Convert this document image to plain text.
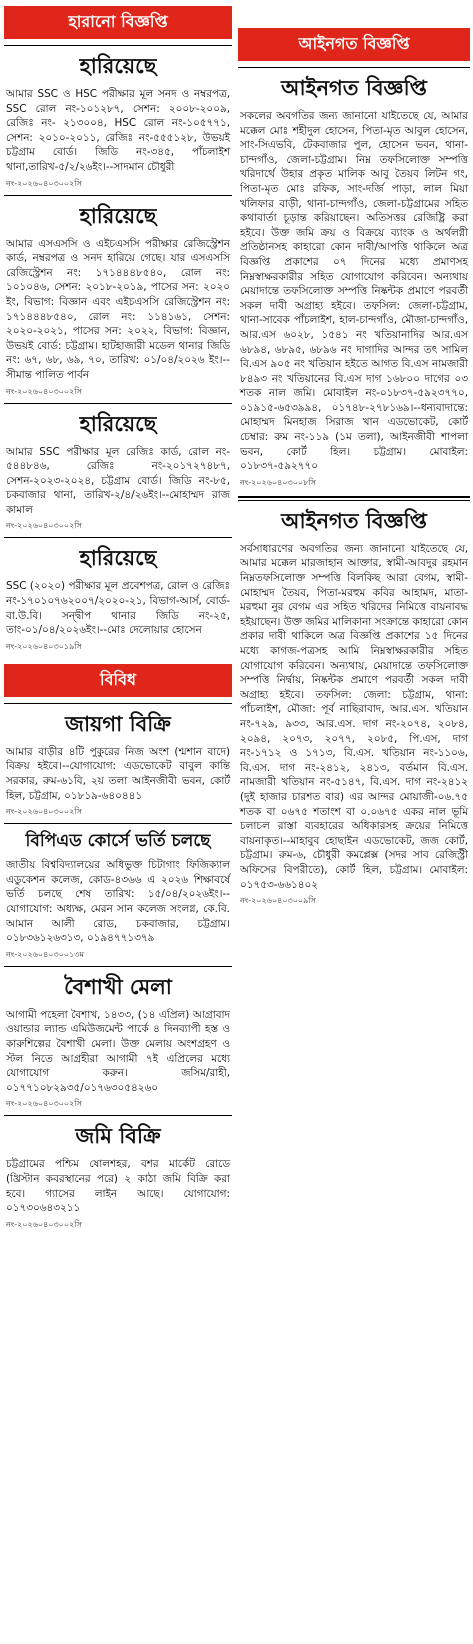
হারানো বিজ্ঞপ্তি
হারিয়েছে

আমার SSC ও HSC পরীক্ষার মূল সনদ ও নম্বরপত্র, SSC রোল নং-১০১২৮৭, সেশন: ২০০৮-২০০৯, রেজিঃ নং- ২১৩০০৪, HSC রোল নং-১০৫৭৭১, সেশন: ২০১০-২০১১, রেজিঃ নং-৫৫৫১২৮, উভয়ই চট্টগ্রাম বোর্ড। জিডি নং-৩৪৫, পাঁচলাইশ থানা,তারিখ-৫/২/২৬ইং।--সাদমান চৌধুরী

নং-২০২৬০৪০৩০০২সি
হারিয়েছে

আমার এসএসসি ও এইচএসসি পরীক্ষার রেজিস্ট্রেশন কার্ড, নম্বরপত্র ও সনদ হারিয়ে গেছে। যার এসএসসি রেজিস্ট্রেশন নং: ১৭১৪৪৪৮৫৪০, রোল নং: ১০১০৪৬, সেশন: ২০১৮-২০১৯, পাসের সন: ২০২০ ইং, বিভাগ: বিজ্ঞান এবং এইচএসসি রেজিস্ট্রেশন নং: ১৭১৪৪৪৮৫৪০, রোল নং: ১১৪১৬১, সেশন: ২০২০-২০২১, পাসের সন: ২০২২, বিভাগ: বিজ্ঞান, উভয়ই বোর্ড: চট্টগ্রাম। হাটহাজারী মডেল থানার জিডি নং: ৬৭, ৬৮, ৬৯, ৭০, তারিখ: ০১/০৪/২০২৬ ইং।--সীমান্ত পালিত পার্বন

নং-২০২৬০৪০৩০০২সি
হারিয়েছে

আমার SSC পরীক্ষার মূল রেজিঃ কার্ড, রোল নং- ৫৪৪৮৪৬, রেজিঃ নং-২০১৭২৭৪৮৭, সেশন-২০২৩-২০২৪, চট্টগ্রাম বোর্ড। জিডি নং-৮৫, চকবাজার থানা, তারিখ-২/৪/২৬ইং।--মোহাম্মদ রাজ কামাল

নং-২০২৬০৪০৩০০২সি
হারিয়েছে

SSC (২০২০) পরীক্ষার মূল প্রবেশপত্র, রোল ও রেজিঃ নং-১৭০১০৭৬২০০৭/২০২০-২১, বিভাগ-আর্স, বোর্ড-বা.উ.বি। সন্দ্বীপ থানার জিডি নং-২৫, তাং-০১/০৪/২০২৬ইং।--মোঃ দেলোয়ার হোসেন

নং-২০২৬০৪০৩০১৯সি
বিবিধ
জায়গা বিক্রি

আমার বাড়ীর ৪টি পুকুরের নিজ অংশ (শ্মশান বাদে) বিক্রয় হইবে।--যোগাযোগ: এডভোকেট বাবুল কান্তি সরকার, রুম-৬১বি, ২য় তলা আইনজীবী ভবন, কোর্ট হিল, চট্টগ্রাম, ০১৮১৯-৬৪০৪৪১

নং-২০২৬০৪০৩০০২সি
বিপিএড কোর্সে ভর্তি চলছে

জাতীয় বিশ্ববিদ্যালয়ের অধিভুক্ত চিটাগাং ফিজিক্যাল এডুকেশন কলেজ, কোড-৪৩৬৬ এ ২০২৬ শিক্ষাবর্ষে ভর্তি চলছে শেষ তারিখ: ১৫/০৪/২০২৬ইং।--যোগাযোগ: অধ্যক্ষ, মেরন সান কলেজ সংলগ্ন, কে.বি. আমান আলী রোড, চকবাজার, চট্টগ্রাম। ০১৮৩৬১২৬৩১৩, ০১৯৪৭৭১৩৭৯

নং-২০২৬০৪০৩০০১৩ম
বৈশাখী মেলা

আগামী পহেলা বৈশাখ, ১৪৩৩, (১৪ এপ্রিল) আগ্রাবাদ ওয়ান্ডার ল্যান্ড এমিউজমেন্ট পার্কে ৪ দিনব্যাপী হস্ত ও কারুশিল্পের বৈশাখী মেলা। উক্ত মেলায় অংশগ্রহণ ও স্টল নিতে আগ্রহীরা আগামী ৭ই এপ্রিলের মধ্যে যোগাযোগ করুন। জসিম/রাহী, ০১৭৭১০৮২৯৩৫/০১৭৬৩০৫৪২৬০

নং-২০২৬০৪০৩০০২সি
জমি বিক্রি

চট্টগ্রামের পশ্চিম ষোলশহর, বশর মার্কেট রোডে (খ্রিস্টান কবরস্থানের পরে) ২ কাঠা জমি বিক্রি করা হবে। গ্যাসের লাইন আছে। যোগাযোগ: ০১৭৩০৬৪৩২১১

নং-২০২৬০৪০৩০০২সি
আইনগত বিজ্ঞপ্তি
আইনগত বিজ্ঞপ্তি

সকলের অবগতির জন্য জানানো যাইতেছে যে, আমার মক্কেল মোঃ শহীদুল হোসেন, পিতা-মৃত আবুল হোসেন, সাং-সিএভবি, টেকবাজার পুল, হোসেন ভবন, থানা-চান্দগাঁও, জেলা-চট্টগ্রাম। নিম্ন তফসিলোক্ত সম্পত্তি খরিদার্থে উহার প্রকৃত মালিক আবু তৈয়ব লিটন গং, পিতা-মৃত মোঃ রফিক, সাং-দর্জি পাড়া, লাল মিয়া খলিফার বাড়ী, থানা-চান্দগাঁও, জেলা-চট্টগ্রামের সহিত কথাবার্তা চূড়ান্ত করিয়াছেন। অতিসত্তর রেজিষ্ট্রি করা হইবে। উক্ত জমি ক্রয় ও বিক্রয়ে ব্যাংক ও অর্থলগ্নী প্রতিষ্ঠানসহ কাহারো কোন দাবী/আপত্তি থাকিলে অত্র বিজ্ঞপ্তি প্রকাশের ০৭ দিনের মধ্যে প্রমাণসহ নিম্নস্বাক্ষরকারীর সহিত যোগাযোগ করিবেন। অন্যথায় মেয়াদান্তে তফসিলোক্ত সম্পত্তি নিষ্কন্টক প্রমাণে পরবর্তী সকল দাবী অগ্রাহ্য হইবে। তফসিল: জেলা-চট্টগ্রাম, থানা-সাবেক পাঁচলাইশ, হাল-চান্দগাঁও, মৌজা-চান্দগাঁও, আর.এস ৬০২৮, ১৫৪১ নং খতিয়ানাদির আর.এস ৬৮৯৪, ৬৮৯৫, ৬৮৯৬ নং দাগাদির আন্দর তৎ সামিল বি.এস ৯০৫ নং খতিয়ান হইতে আগত বি.এস নামজারী ৮৪৯৩ নং খতিয়ানের বি.এস দাগ ১৬৮০০ দাগের ০৩ শতক নাল জমি। মোবাইল নং-০১৮৩৭-৫৯২৩৭৭০, ০১৯১৫-৬৫৩৯৯৪, ০১৭৪৮-২৭৮১৬৯।--ধন্যবাদান্তে: মোহাম্মদ মিনহাজ সিরাজ খান এডভোকেট, কোর্ট চেম্বার: রুম নং-১১৯ (১ম তলা), আইনজীবী শাপলা ভবন, কোর্ট হিল। চট্টগ্রাম। মোবাইল: ০১৮৩৭-৫৯২৭৭০

নং-২০২৬০৪০৩০০৮সি
আইনগত বিজ্ঞপ্তি

সর্বসাধারণের অবগতির জন্য জানানো যাইতেছে যে, আমার মক্কেল মারজাহান আক্তার, স্বামী-আবদুর রহমান নিম্নতফসিলোক্ত সম্পত্তি বিলকিছ আরা বেগম, স্বামী-মোহাম্মদ তৈয়ব, পিতা-মরহুম কবির আহামদ, মাতা-মরহুমা নুর বেগম এর সহিত খরিদের নিমিত্তে বায়নাবদ্ধ হইয়াছেন। উক্ত জমির মালিকানা সংক্রান্তে কাহারো কোন প্রকার দাবী থাকিলে অত্র বিজ্ঞপ্তি প্রকাশের ১৫ দিনের মধ্যে কাগজ-পত্রসহ আমি নিম্নস্বাক্ষরকারীর সহিত যোগাযোগ করিবেন। অন্যথায়, মেয়াদান্তে তফসিলোক্ত সম্পত্তি নির্দ্বায়, নিষ্কন্টক প্রমাণে পরবর্তী সকল দাবী অগ্রাহ্য হইবে। তফসিল: জেলা: চট্টগ্রাম, থানা: পাঁচলাইশ, মৌজা: পূর্ব নাছিরাবাদ, আর.এস. খতিয়ান নং-৭২৯, ৯৩৩, আর.এস. দাগ নং-২০৭৪, ২০৮৪, ২০৯৪, ২০৭৩, ২০৭৭, ২০৮৫, পি.এস, দাগ নং-১৭১২ ও ১৭১৩, বি.এস. খতিয়ান নং-১১০৬, বি.এস. দাগ নং-২৪১২, ২৪১৩, বর্তমান বি.এস. নামজারী খতিয়ান নং-৫১৪৭, বি.এস. দাগ নং-২৪১২ (দুই হাজার চারশত বার) এর আন্দর মোয়াজী-০৬.৭৫ শতক বা ০৬৭৫ শতাংশ বা ০.০৬৭৫ একর নাল ভূমি চলাচল রাস্তা ব্যবহারের অধিকারসহ ক্রয়ের নিমিত্তে বায়নাকৃত।--মাহাবুব হোছাইন এডভোকেট, জজ কোর্ট, চট্টগ্রাম। রুম-৬, চৌধুরী কমপ্লেক্স (সদর সাব রেজিস্ট্রী অফিসের বিপরীতে), কোর্ট হিল, চট্টগ্রাম। মোবাইল: ০১৭৫৩-৬৬১৪০২

নং-২০২৬০৪০৩০০৯সি
